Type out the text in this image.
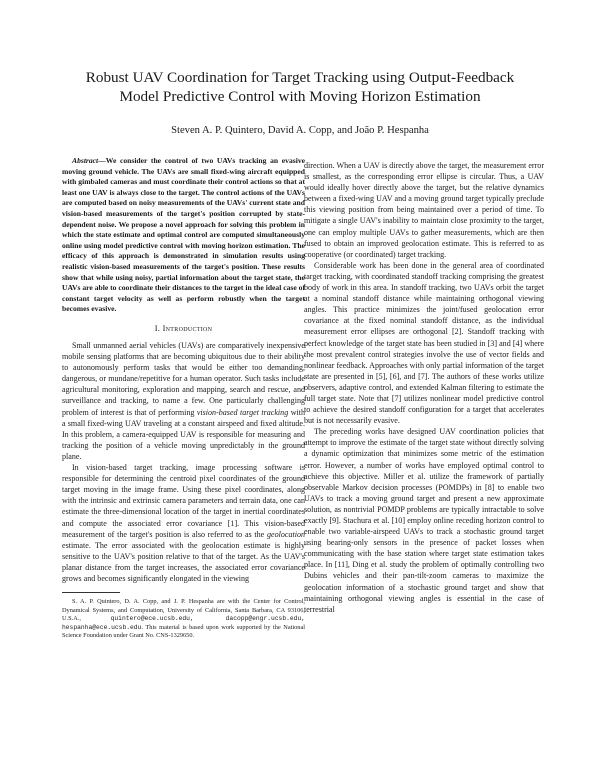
Robust UAV Coordination for Target Tracking using Output-Feedback
Model Predictive Control with Moving Horizon Estimation
Steven A. P. Quintero, David A. Copp, and João P. Hespanha

Abstract—We consider the control of two UAVs tracking an evasive moving ground vehicle. The UAVs are small fixed-wing aircraft equipped with gimbaled cameras and must coordinate their control actions so that at least one UAV is always close to the target. The control actions of the UAVs are computed based on noisy measurements of the UAVs' current state and vision-based measurements of the target's position corrupted by state-dependent noise. We propose a novel approach for solving this problem in which the state estimate and optimal control are computed simultaneously online using model predictive control with moving horizon estimation. The efficacy of this approach is demonstrated in simulation results using realistic vision-based measurements of the target's position. These results show that while using noisy, partial information about the target state, the UAVs are able to coordinate their distances to the target in the ideal case of constant target velocity as well as perform robustly when the target becomes evasive.

I. Introduction

Small unmanned aerial vehicles (UAVs) are comparatively inexpensive mobile sensing platforms that are becoming ubiquitous due to their ability to autonomously perform tasks that would be either too demanding, dangerous, or mundane/repetitive for a human operator. Such tasks include agricultural monitoring, exploration and mapping, search and rescue, and surveillance and tracking, to name a few. One particularly challenging problem of interest is that of performing vision-based target tracking with a small fixed-wing UAV traveling at a constant airspeed and fixed altitude. In this problem, a camera-equipped UAV is responsible for measuring and tracking the position of a vehicle moving unpredictably in the ground plane.

In vision-based target tracking, image processing software is responsible for determining the centroid pixel coordinates of the ground target moving in the image frame. Using these pixel coordinates, along with the intrinsic and extrinsic camera parameters and terrain data, one can estimate the three-dimensional location of the target in inertial coordinates and compute the associated error covariance [1]. This vision-based measurement of the target's position is also referred to as the geolocation estimate. The error associated with the geolocation estimate is highly sensitive to the UAV's position relative to that of the target. As the UAV's planar distance from the target increases, the associated error covariance grows and becomes significantly elongated in the viewing

S. A. P. Quintero, D. A. Copp, and J. P. Hespanha are with the Center for Control, Dynamical Systems, and Computation, University of California, Santa Barbara, CA 93106, U.S.A., quintero@ece.ucsb.edu, dacopp@engr.ucsb.edu, hespanha@ece.ucsb.edu. This material is based upon work supported by the National Science Foundation under Grant No. CNS-1329650.

direction. When a UAV is directly above the target, the measurement error is smallest, as the corresponding error ellipse is circular. Thus, a UAV would ideally hover directly above the target, but the relative dynamics between a fixed-wing UAV and a moving ground target typically preclude this viewing position from being maintained over a period of time. To mitigate a single UAV's inability to maintain close proximity to the target, one can employ multiple UAVs to gather measurements, which are then fused to obtain an improved geolocation estimate. This is referred to as cooperative (or coordinated) target tracking.

Considerable work has been done in the general area of coordinated target tracking, with coordinated standoff tracking comprising the greatest body of work in this area. In standoff tracking, two UAVs orbit the target at a nominal standoff distance while maintaining orthogonal viewing angles. This practice minimizes the joint/fused geolocation error covariance at the fixed nominal standoff distance, as the individual measurement error ellipses are orthogonal [2]. Standoff tracking with perfect knowledge of the target state has been studied in [3] and [4] where the most prevalent control strategies involve the use of vector fields and nonlinear feedback. Approaches with only partial information of the target state are presented in [5], [6], and [7]. The authors of these works utilize observers, adaptive control, and extended Kalman filtering to estimate the full target state. Note that [7] utilizes nonlinear model predictive control to achieve the desired standoff configuration for a target that accelerates but is not necessarily evasive.

The preceding works have designed UAV coordination policies that attempt to improve the estimate of the target state without directly solving a dynamic optimization that minimizes some metric of the estimation error. However, a number of works have employed optimal control to achieve this objective. Miller et al. utilize the framework of partially observable Markov decision processes (POMDPs) in [8] to enable two UAVs to track a moving ground target and present a new approximate solution, as nontrivial POMDP problems are typically intractable to solve exactly [9]. Stachura et al. [10] employ online receding horizon control to enable two variable-airspeed UAVs to track a stochastic ground target using bearing-only sensors in the presence of packet losses when communicating with the base station where target state estimation takes place. In [11], Ding et al. study the problem of optimally controlling two Dubins vehicles and their pan-tilt-zoom cameras to maximize the geolocation information of a stochastic ground target and show that maintaining orthogonal viewing angles is essential in the case of terrestrial
